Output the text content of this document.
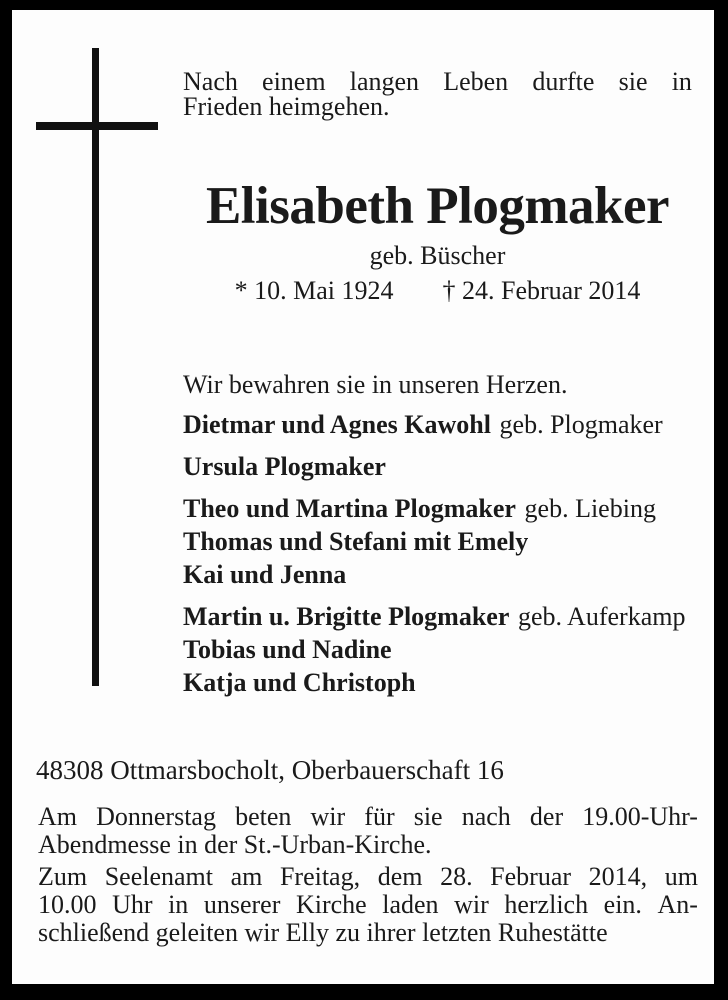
Nach einem langen Leben durfte sie in
Frieden heimgehen.
Elisabeth Plogmaker
geb. Büscher
* 10. Mai 1924 † 24. Februar 2014
Wir bewahren sie in unseren Herzen.
Dietmar und Agnes Kawohl geb. Plogmaker
Ursula Plogmaker
Theo und Martina Plogmaker geb. Liebing
Thomas und Stefani mit Emely
Kai und Jenna
Martin u. Brigitte Plogmaker geb. Auferkamp
Tobias und Nadine
Katja und Christoph
48308 Ottmarsbocholt, Oberbauerschaft 16
Am Donnerstag beten wir für sie nach der 19.00-Uhr-
Abendmesse in der St.-Urban-Kirche.
Zum Seelenamt am Freitag, dem 28. Februar 2014, um
10.00 Uhr in unserer Kirche laden wir herzlich ein. An-
schließend geleiten wir Elly zu ihrer letzten Ruhestätte
